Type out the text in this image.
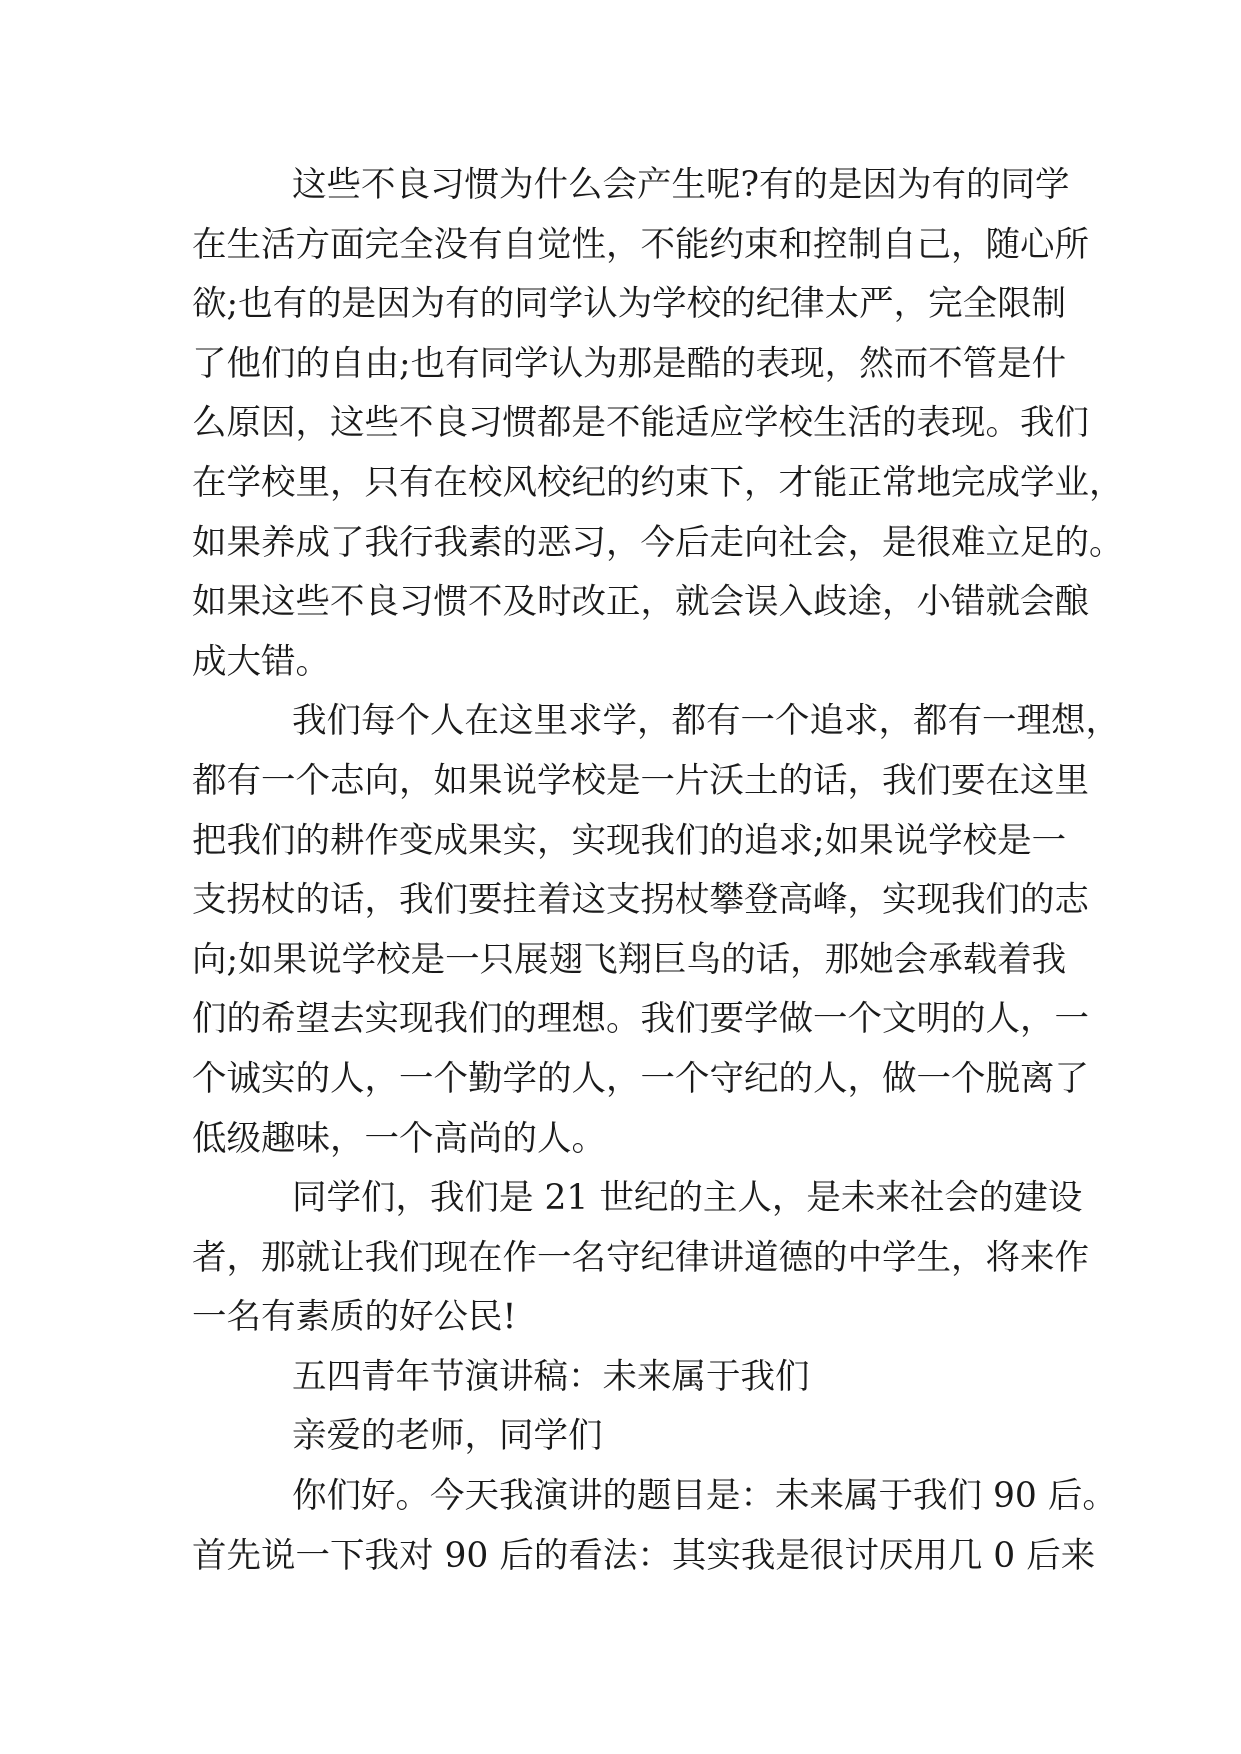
这些不良习惯为什么会产生呢?有的是因为有的同学
在生活方面完全没有自觉性，不能约束和控制自己，随心所
欲;也有的是因为有的同学认为学校的纪律太严，完全限制
了他们的自由;也有同学认为那是酷的表现，然而不管是什
么原因，这些不良习惯都是不能适应学校生活的表现。我们
在学校里，只有在校风校纪的约束下，才能正常地完成学业，
如果养成了我行我素的恶习，今后走向社会，是很难立足的。
如果这些不良习惯不及时改正，就会误入歧途，小错就会酿
成大错。
我们每个人在这里求学，都有一个追求，都有一理想，
都有一个志向，如果说学校是一片沃土的话，我们要在这里
把我们的耕作变成果实，实现我们的追求;如果说学校是一
支拐杖的话，我们要拄着这支拐杖攀登高峰，实现我们的志
向;如果说学校是一只展翅飞翔巨鸟的话，那她会承载着我
们的希望去实现我们的理想。我们要学做一个文明的人，一
个诚实的人，一个勤学的人，一个守纪的人，做一个脱离了
低级趣味，一个高尚的人。
同学们，我们是 21 世纪的主人，是未来社会的建设
者，那就让我们现在作一名守纪律讲道德的中学生，将来作
一名有素质的好公民!
五四青年节演讲稿：未来属于我们
亲爱的老师，同学们
你们好。今天我演讲的题目是：未来属于我们 90 后。
首先说一下我对 90 后的看法：其实我是很讨厌用几 0 后来
